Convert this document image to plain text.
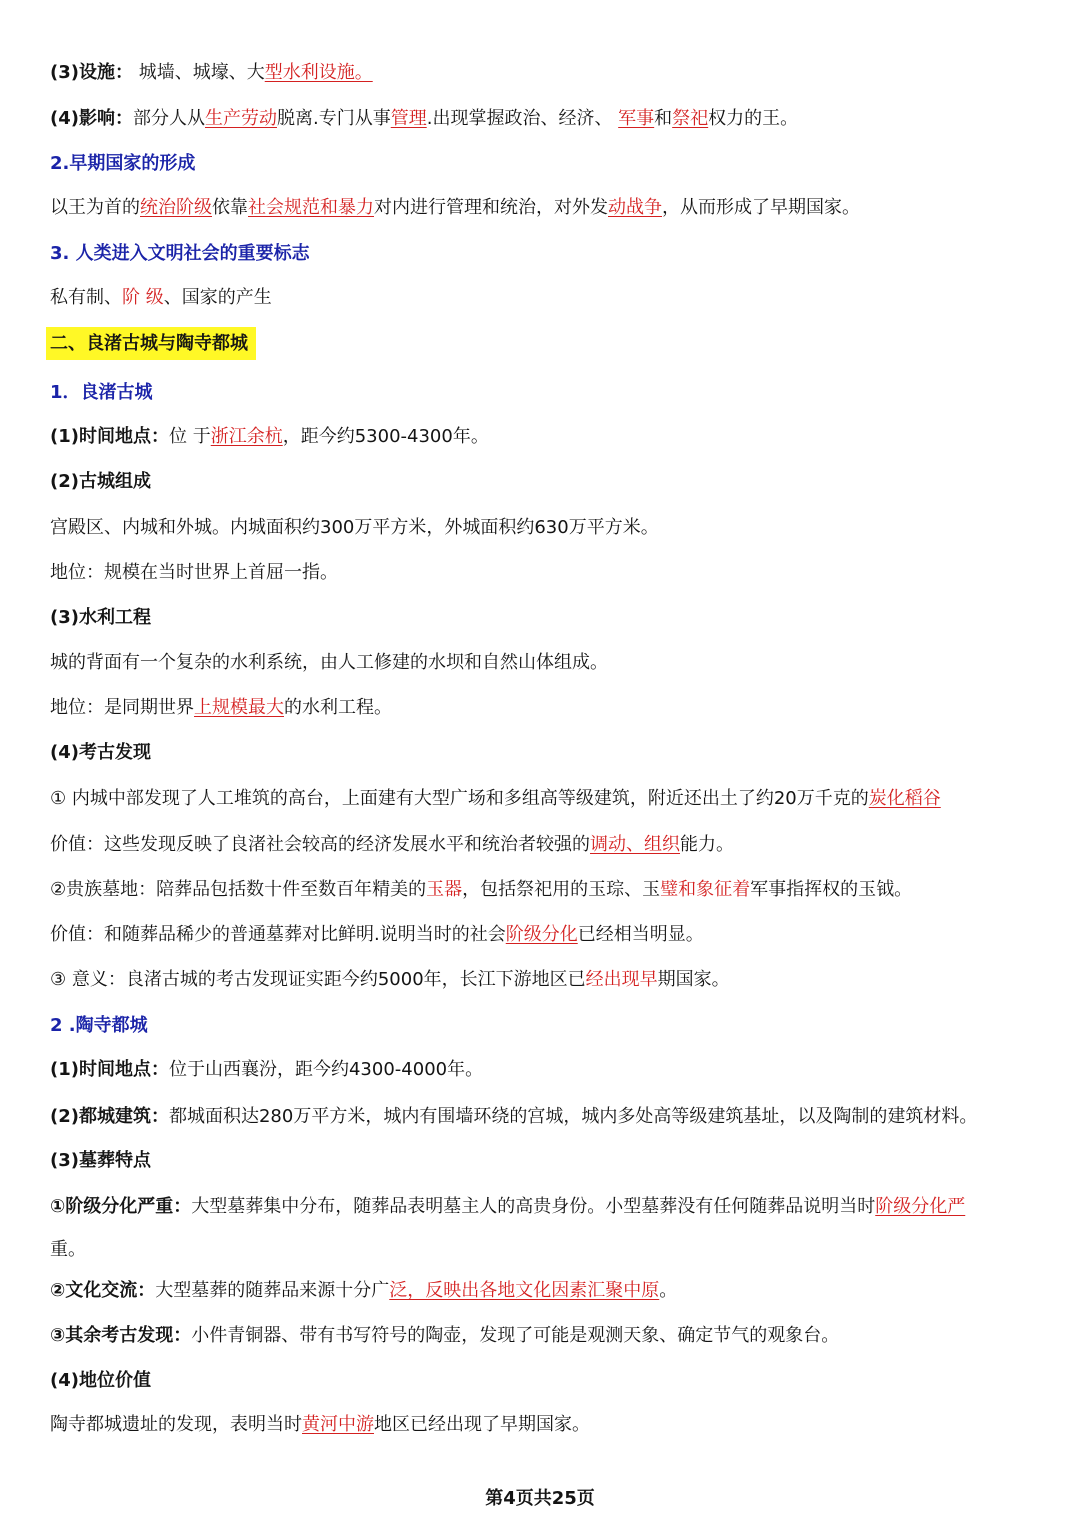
(3)设施： 城墙、城壕、大型水利设施。
(4)影响：部分人从生产劳动脱离.专门从事管理.出现掌握政治、经济、 军事和祭祀权力的王。
2.早期国家的形成
以王为首的统治阶级依靠社会规范和暴力对内进行管理和统治，对外发动战争，从而形成了早期国家。
3. 人类进入文明社会的重要标志
私有制、阶 级、国家的产生
二、良渚古城与陶寺都城
1．良渚古城
(1)时间地点：位 于浙江余杭，距今约5300-4300年。
(2)古城组成
宫殿区、内城和外城。内城面积约300万平方米，外城面积约630万平方米。
地位：规模在当时世界上首屈一指。
(3)水利工程
城的背面有一个复杂的水利系统，由人工修建的水坝和自然山体组成。
地位：是同期世界上规模最大的水利工程。
(4)考古发现
① 内城中部发现了人工堆筑的高台，上面建有大型广场和多组高等级建筑，附近还出土了约20万千克的炭化稻谷
价值：这些发现反映了良渚社会较高的经济发展水平和统治者较强的调动、组织能力。
②贵族墓地：陪葬品包括数十件至数百年精美的玉器，包括祭祀用的玉琮、玉璧和象征着军事指挥权的玉钺。
价值：和随葬品稀少的普通墓葬对比鲜明.说明当时的社会阶级分化已经相当明显。
③ 意义：良渚古城的考古发现证实距今约5000年，长江下游地区已经出现早期国家。
2 .陶寺都城
(1)时间地点：位于山西襄汾，距今约4300-4000年。
(2)都城建筑：都城面积达280万平方米，城内有围墙环绕的宫城，城内多处高等级建筑基址，以及陶制的建筑材料。
(3)墓葬特点
①阶级分化严重：大型墓葬集中分布，随葬品表明墓主人的高贵身份。小型墓葬没有任何随葬品说明当时阶级分化严
重。
②文化交流：大型墓葬的随葬品来源十分广泛，反映出各地文化因素汇聚中原。
③其余考古发现：小件青铜器、带有书写符号的陶壶，发现了可能是观测天象、确定节气的观象台。
(4)地位价值
陶寺都城遗址的发现，表明当时黄河中游地区已经出现了早期国家。
第4页共25页
